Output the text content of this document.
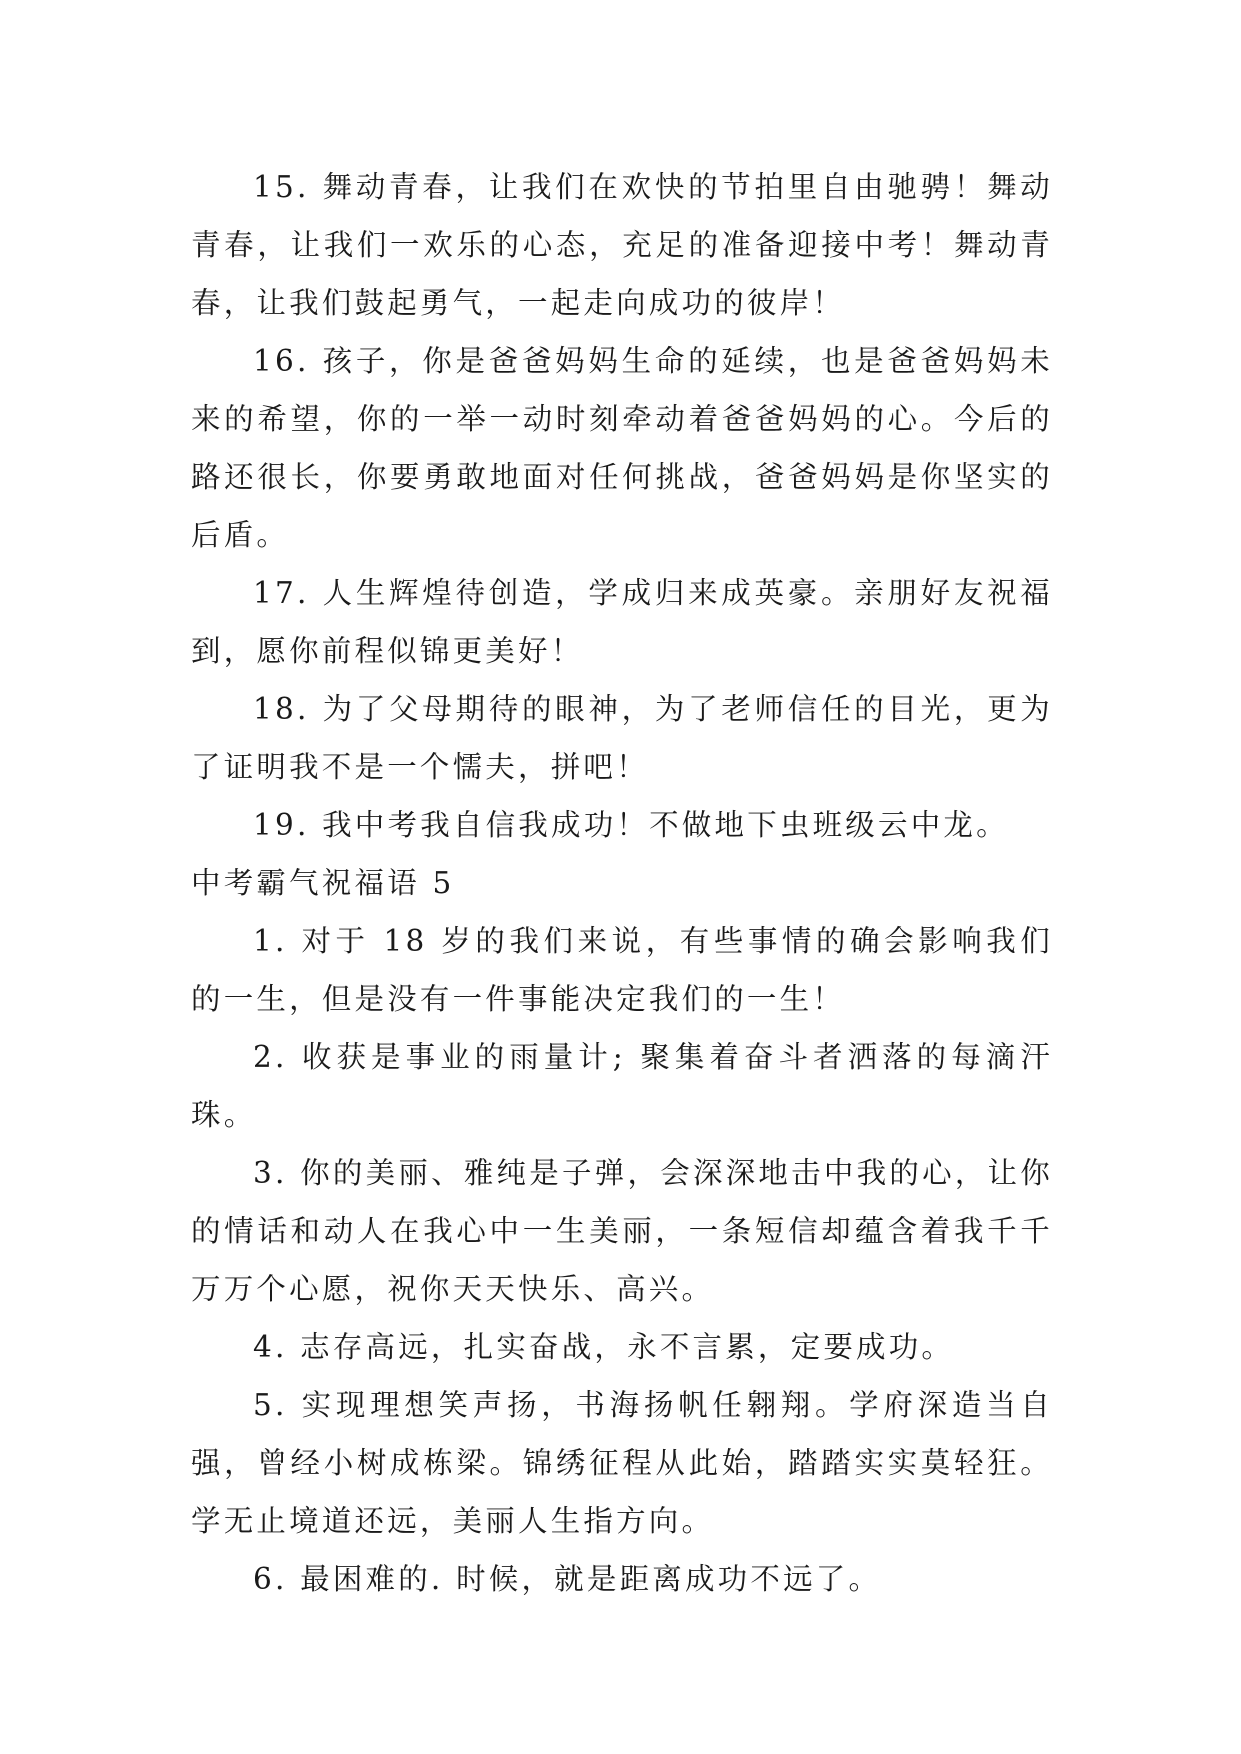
15. 舞动青春，让我们在欢快的节拍里自由驰骋！舞动青春，让我们一欢乐的心态，充足的准备迎接中考！舞动青春，让我们鼓起勇气，一起走向成功的彼岸！

16. 孩子，你是爸爸妈妈生命的延续，也是爸爸妈妈未来的希望，你的一举一动时刻牵动着爸爸妈妈的心。今后的路还很长，你要勇敢地面对任何挑战，爸爸妈妈是你坚实的后盾。

17. 人生辉煌待创造，学成归来成英豪。亲朋好友祝福到，愿你前程似锦更美好！

18. 为了父母期待的眼神，为了老师信任的目光，更为了证明我不是一个懦夫，拼吧！

19. 我中考我自信我成功！不做地下虫班级云中龙。

中考霸气祝福语 5

1. 对于 18 岁的我们来说，有些事情的确会影响我们的一生，但是没有一件事能决定我们的一生！

2. 收获是事业的雨量计; 聚集着奋斗者洒落的每滴汗珠。

3. 你的美丽、雅纯是子弹，会深深地击中我的心，让你的情话和动人在我心中一生美丽，一条短信却蕴含着我千千万万个心愿，祝你天天快乐、高兴。

4. 志存高远，扎实奋战，永不言累，定要成功。

5. 实现理想笑声扬，书海扬帆任翱翔。学府深造当自强，曾经小树成栋梁。锦绣征程从此始，踏踏实实莫轻狂。学无止境道还远，美丽人生指方向。

6. 最困难的. 时候，就是距离成功不远了。
